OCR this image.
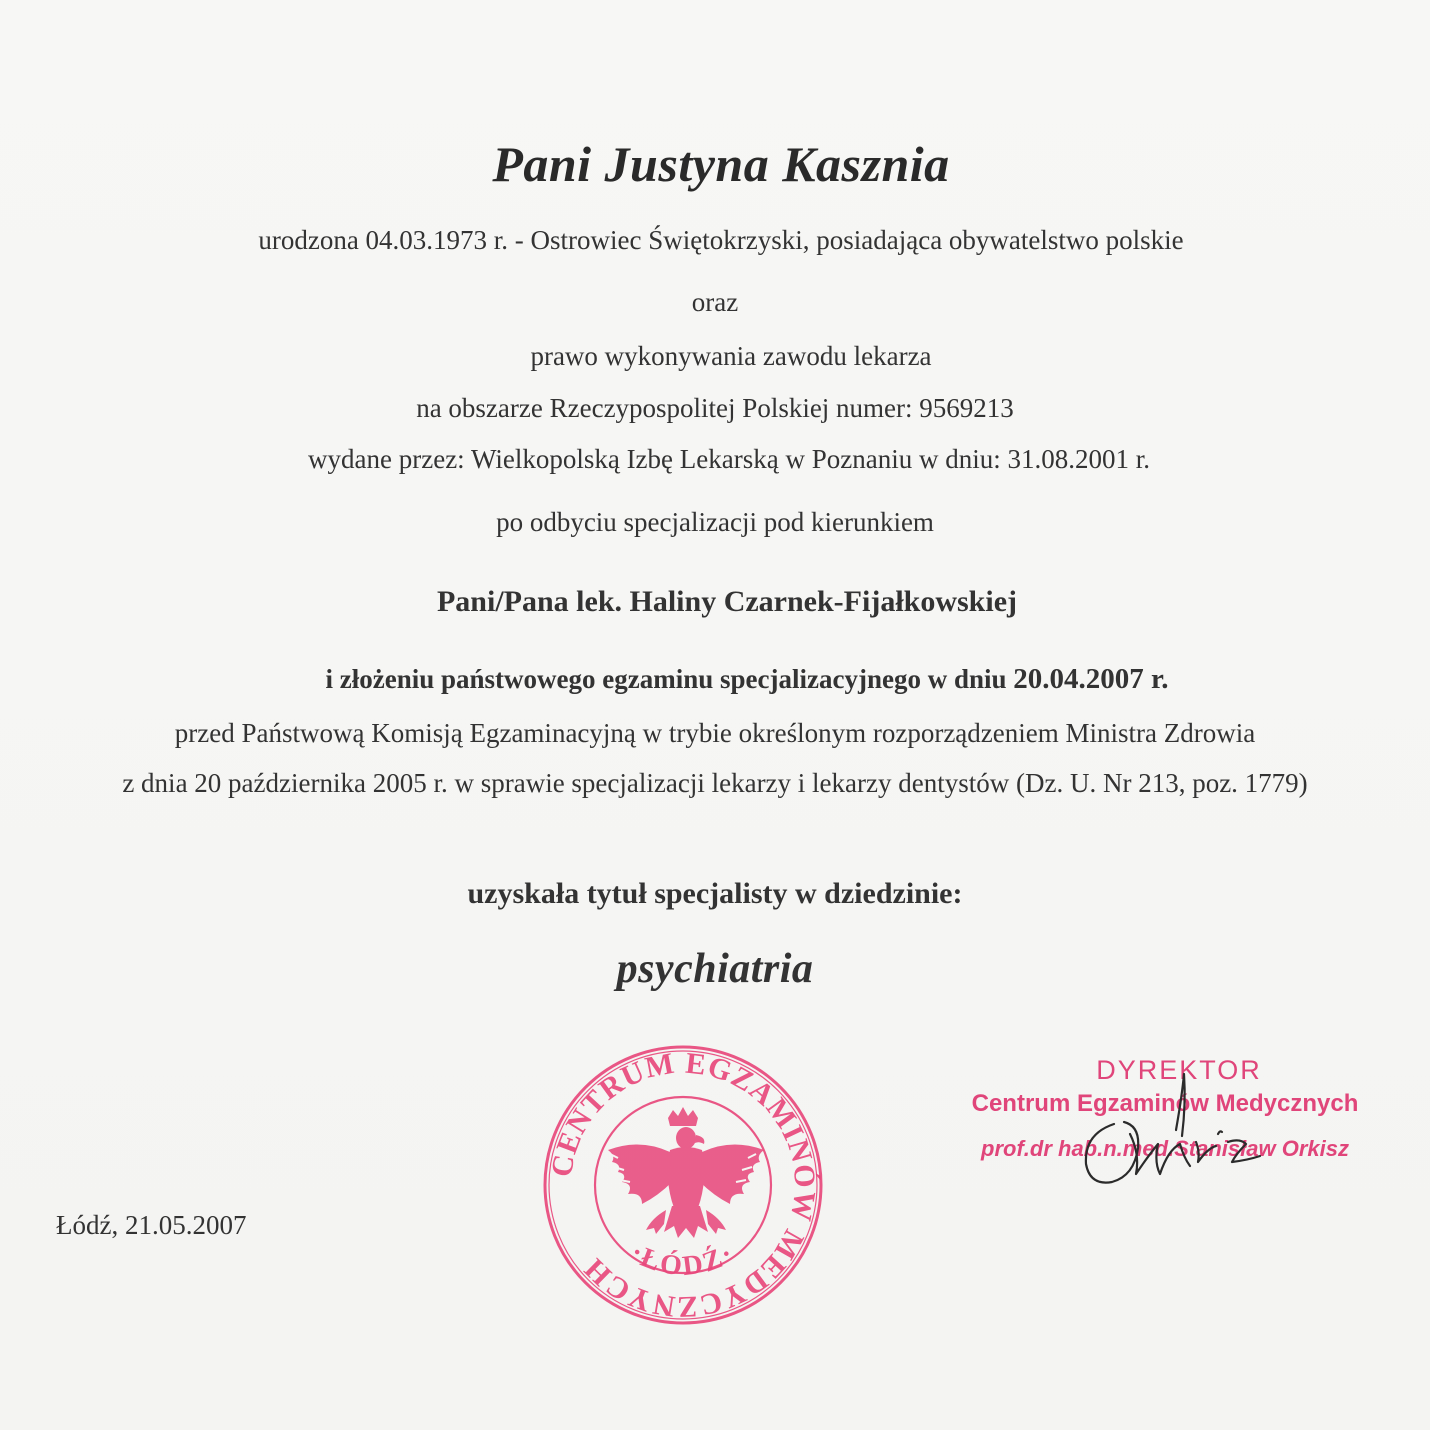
Pani Justyna Kasznia
urodzona 04.03.1973 r. - Ostrowiec Świętokrzyski, posiadająca obywatelstwo polskie
oraz
prawo wykonywania zawodu lekarza
na obszarze Rzeczypospolitej Polskiej numer: 9569213
wydane przez: Wielkopolską Izbę Lekarską w Poznaniu w dniu: 31.08.2001 r.
po odbyciu specjalizacji pod kierunkiem
Pani/Pana lek. Haliny Czarnek-Fijałkowskiej
i złożeniu państwowego egzaminu specjalizacyjnego w dniu 20.04.2007 r.
przed Państwową Komisją Egzaminacyjną w trybie określonym rozporządzeniem Ministra Zdrowia
z dnia 20 października 2005 r. w sprawie specjalizacji lekarzy i lekarzy dentystów (Dz. U. Nr 213, poz. 1779)
uzyskała tytuł specjalisty w dziedzinie:
psychiatria
Łódź, 21.05.2007
CENTRUM EGZAMINÓW MEDYCZNYCH ·ŁÓDŹ·
DYREKTOR
Centrum Egzaminów Medycznych
prof.dr hab.n.med.Stanisław Orkisz
